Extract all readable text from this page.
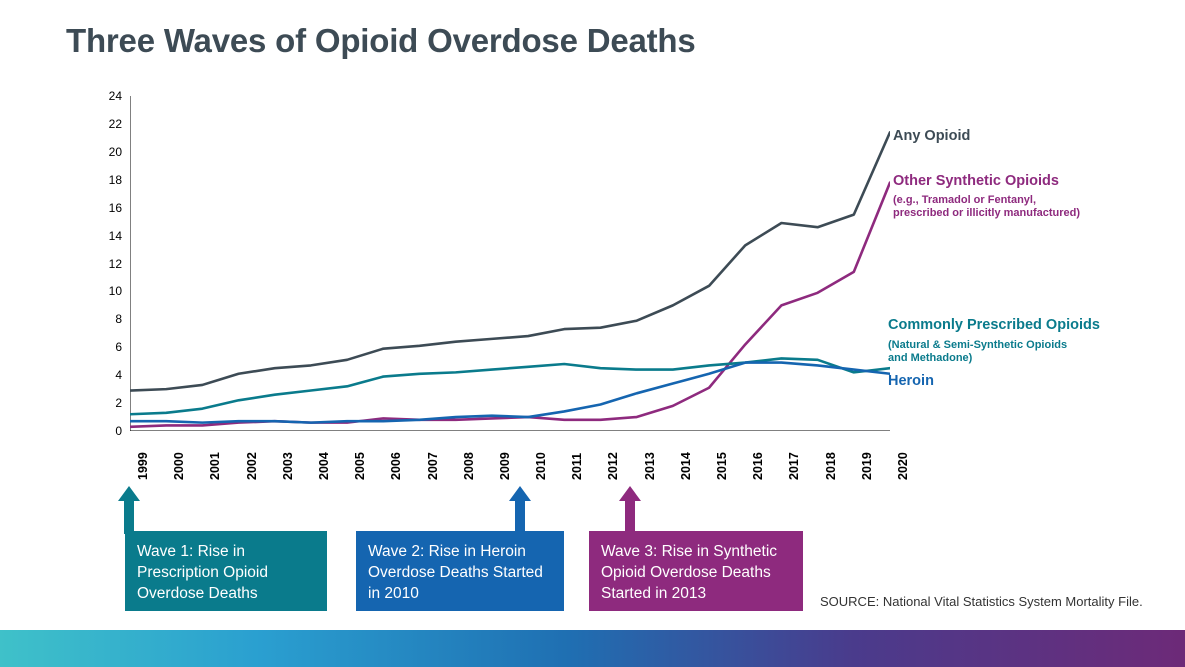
Three Waves of Opioid Overdose Deaths
24
22
20
18
16
14
12
10
8
6
4
2
0
1999 2000 2001 2002 2003 2004 2005 2006 2007 2008 2009 2010 2011 2012 2013 2014 2015 2016 2017 2018 2019 2020
Any Opioid
Other Synthetic Opioids
(e.g., Tramadol or Fentanyl,
prescribed or illicitly manufactured)
Commonly Prescribed Opioids
(Natural & Semi-Synthetic Opioids
and Methadone)
Heroin
Wave 1: Rise in Prescription Opioid Overdose Deaths
Wave 2: Rise in Heroin Overdose Deaths Started in 2010
Wave 3: Rise in Synthetic Opioid Overdose Deaths Started in 2013	SOURCE: National Vital Statistics System Mortality File.
